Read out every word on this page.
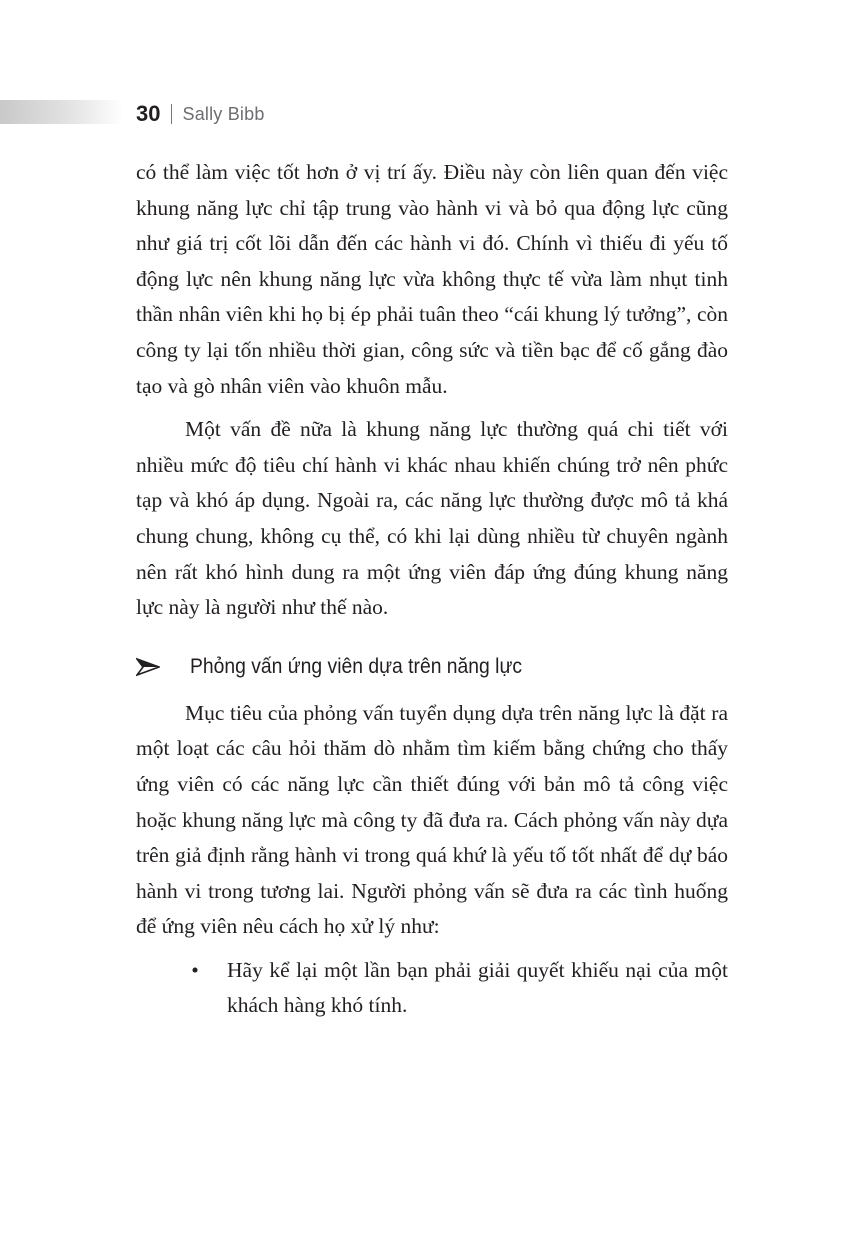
30 Sally Bibb

có thể làm việc tốt hơn ở vị trí ấy. Điều này còn liên quan đến việc khung năng lực chỉ tập trung vào hành vi và bỏ qua động lực cũng như giá trị cốt lõi dẫn đến các hành vi đó. Chính vì thiếu đi yếu tố động lực nên khung năng lực vừa không thực tế vừa làm nhụt tinh thần nhân viên khi họ bị ép phải tuân theo “cái khung lý tưởng”, còn công ty lại tốn nhiều thời gian, công sức và tiền bạc để cố gắng đào tạo và gò nhân viên vào khuôn mẫu.

Một vấn đề nữa là khung năng lực thường quá chi tiết với nhiều mức độ tiêu chí hành vi khác nhau khiến chúng trở nên phức tạp và khó áp dụng. Ngoài ra, các năng lực thường được mô tả khá chung chung, không cụ thể, có khi lại dùng nhiều từ chuyên ngành nên rất khó hình dung ra một ứng viên đáp ứng đúng khung năng lực này là người như thế nào.

Phỏng vấn ứng viên dựa trên năng lực

Mục tiêu của phỏng vấn tuyển dụng dựa trên năng lực là đặt ra một loạt các câu hỏi thăm dò nhằm tìm kiếm bằng chứng cho thấy ứng viên có các năng lực cần thiết đúng với bản mô tả công việc hoặc khung năng lực mà công ty đã đưa ra. Cách phỏng vấn này dựa trên giả định rằng hành vi trong quá khứ là yếu tố tốt nhất để dự báo hành vi trong tương lai. Người phỏng vấn sẽ đưa ra các tình huống để ứng viên nêu cách họ xử lý như:

• Hãy kể lại một lần bạn phải giải quyết khiếu nại của một khách hàng khó tính.
